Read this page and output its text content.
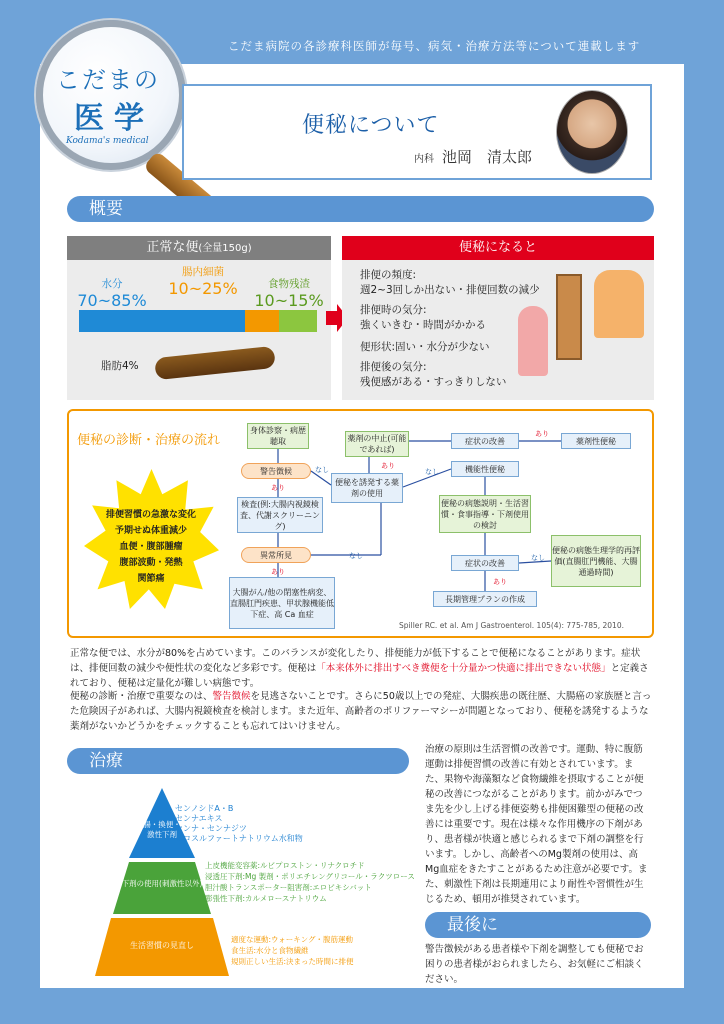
こだま病院の各診療科医師が毎号、病気・治療方法等について連載します
こだまの
医学
Kodama's medical
便秘について
内科 池岡　清太郎
概要
正常な便(全量150g)
水分
70~85%
腸内細菌
10~25%	食物残渣
10~15%
脂肪4%
便秘になると
排便の頻度:
週2~3回しか出ない・排便回数の減少
排便時の気分:
強くいきむ・時間がかかる
便形状:固い・水分が少ない
排便後の気分:
残便感がある・すっきりしない
便秘の診断・治療の流れ
排便習慣の急激な変化
予期せぬ体重減少
血便・腹部腫瘤
腹部波動・発熱
関節痛
身体診察・病歴聴取
警告徴候
検査(例:大腸内視鏡検査、代謝スクリーニング)
異常所見
大腸がん/他の閉塞性病変、直腸肛門疾患、甲状腺機能低下症、高 Ca 血症
便秘を誘発する薬剤の使用
薬剤の中止(可能であれば)
症状の改善	薬剤性便秘
機能性便秘
便秘の病態説明・生活習慣・食事指導・下剤使用の検討
症状の改善
長期管理プランの作成
便秘の病態生理学的再評価(直腸肛門機能、大腸通過時間)
なし
あり
あり
あり
なし
なし
あり
なし
あり
Spiller RC. et al. Am J Gastroenterol. 105(4): 775-785, 2010.
正常な便では、水分が80%を占めています。このバランスが変化したり、排便能力が低下することで便秘になることがあります。症状は、排便回数の減少や便性状の変化など多彩です。便秘は「本来体外に排出すべき糞便を十分量かつ快適に排出できない状態」と定義されており、便秘は定量化が難しい病態です。
便秘の診断・治療で重要なのは、警告徴候を見逃さないことです。さらに50歳以上での発症、大腸疾患の既往歴、大腸癌の家族歴と言った危険因子があれば、大腸内視鏡検査を検討します。また近年、高齢者のポリファーマシーが問題となっており、便秘を誘発するような薬剤がないかどうかをチェックすることも忘れてはいけません。
治療
流腸・換便・刺激性下剤
下剤の使用(刺激性以外)
生活習慣の見直し
センノシドA・B
センナエキス
センナ・センナジツ
ピコスルファートナトリウム水和物
上皮機能変容薬:ルビプロストン・リナクロチド
浸透圧下剤:Mg 製剤・ポリエチレングリコール・ラクツロース
胆汁酸トランスポーター阻害剤:エロビキシバット
膨張性下剤:カルメロースナトリウム
適度な運動:ウォーキング・腹筋運動
食生活:水分と食物繊維
規則正しい生活:決まった時間に排便
治療の原則は生活習慣の改善です。運動、特に腹筋運動は排便習慣の改善に有効とされています。また、果物や海藻類など食物繊維を摂取することが便秘の改善につながることがあります。前かがみでつま先を少し上げる排便姿勢も排便困難型の便秘の改善には重要です。現在は様々な作用機序の下剤があり、患者様が快適と感じられるまで下剤の調整を行います。しかし、高齢者へのMg製剤の使用は、高Mg血症をきたすことがあるため注意が必要です。また、刺激性下剤は長期連用により耐性や習慣性が生じるため、頓用が推奨されています。
最後に
警告徴候がある患者様や下剤を調整しても便秘でお困りの患者様がおられましたら、お気軽にご相談ください。
